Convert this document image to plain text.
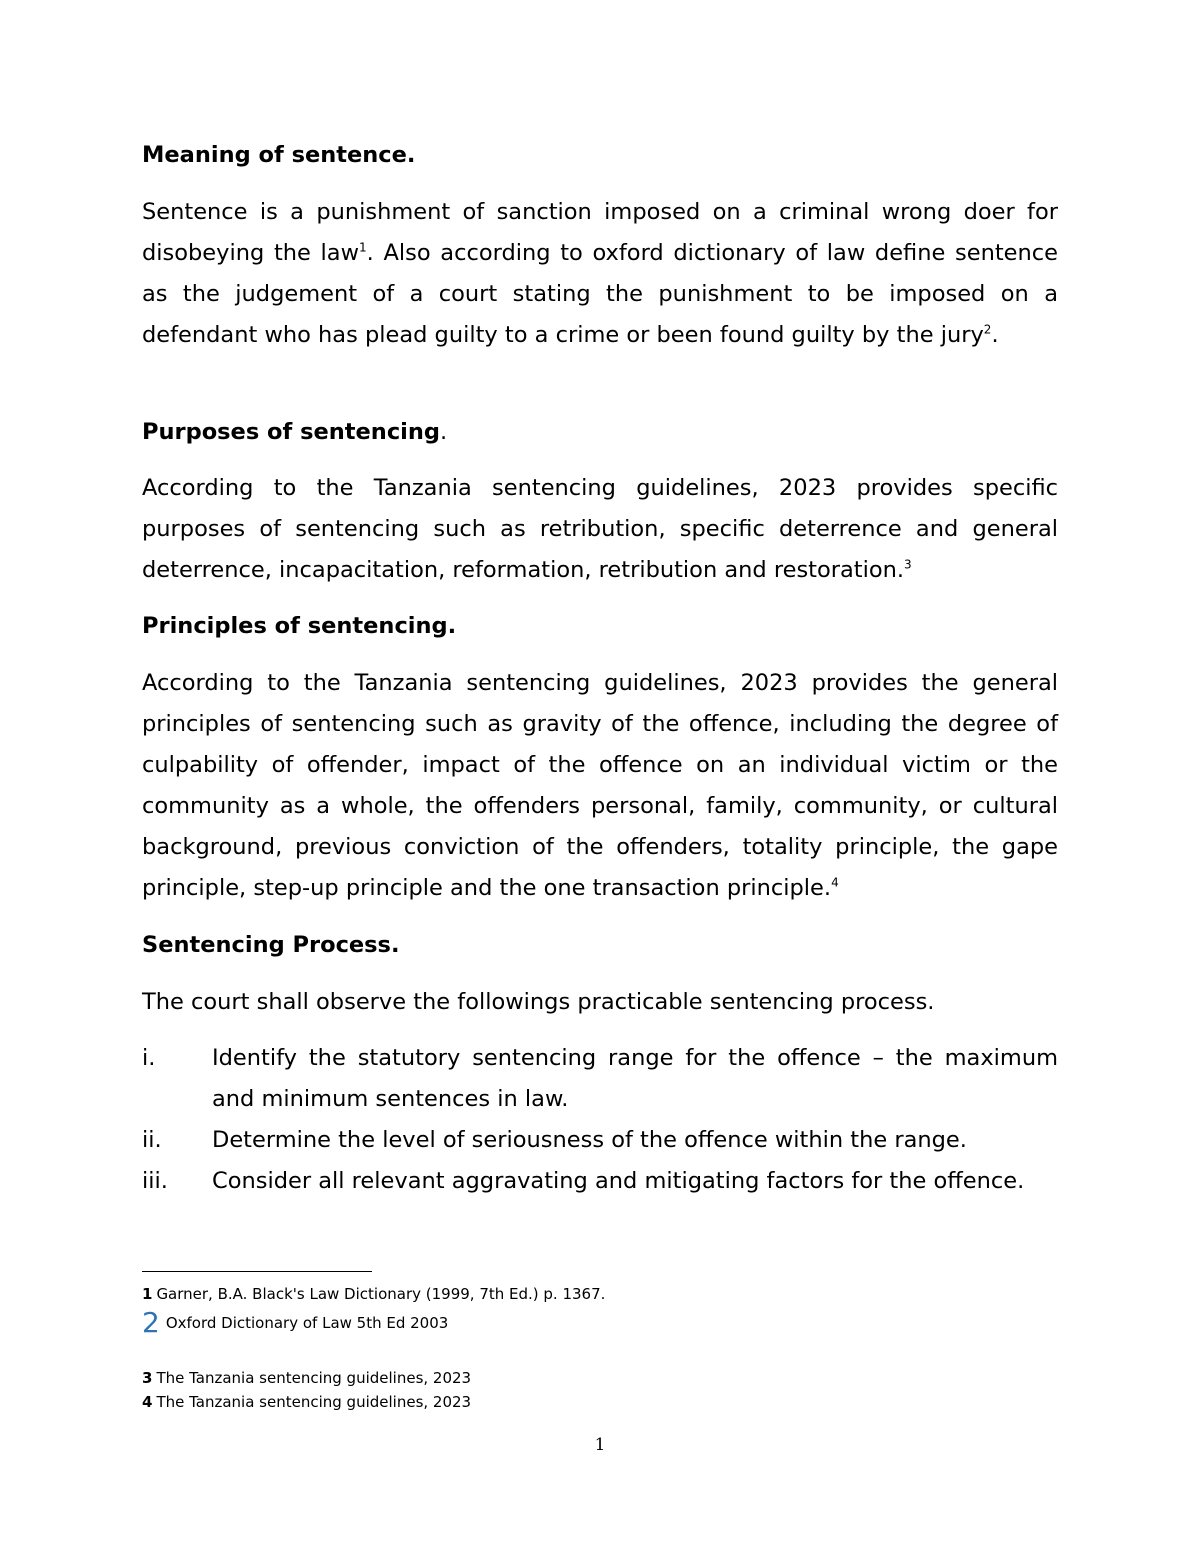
Meaning of sentence.

Sentence is a punishment of sanction imposed on a criminal wrong doer for disobeying the law$^1$. Also according to oxford dictionary of law define sentence as the judgement of a court stating the punishment to be imposed on a defendant who has plead guilty to a crime or been found guilty by the jury$^2$.

Purposes of sentencing.

According to the Tanzania sentencing guidelines, 2023 provides specific purposes of sentencing such as retribution, specific deterrence and general deterrence, incapacitation, reformation, retribution and restoration.$^3$

Principles of sentencing.

According to the Tanzania sentencing guidelines, 2023 provides the general principles of sentencing such as gravity of the offence, including the degree of culpability of offender, impact of the offence on an individual victim or the community as a whole, the offenders personal, family, community, or cultural background, previous conviction of the offenders, totality principle, the gape principle, step-up principle and the one transaction principle.$^4$

Sentencing Process.

The court shall observe the followings practicable sentencing process.

i.	Identify the statutory sentencing range for the offence – the maximum and minimum sentences in law.
ii.	Determine the level of seriousness of the offence within the range.
iii.	Consider all relevant aggravating and mitigating factors for the offence.
1 Garner, B.A. Black's Law Dictionary (1999, 7th Ed.) p. 1367.
2 Oxford Dictionary of Law 5th Ed 2003
3 The Tanzania sentencing guidelines, 2023
4 The Tanzania sentencing guidelines, 2023
1
